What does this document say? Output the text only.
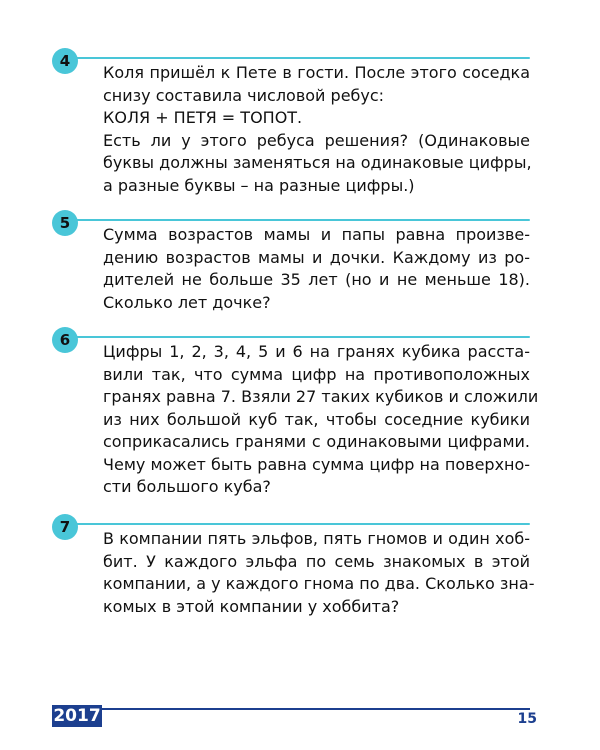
4
Коля пришёл к Пете в гости. После этого соседка
снизу составила числовой ребус:
КОЛЯ + ПЕТЯ = ТОПОТ.
Есть ли у этого ребуса решения? (Одинаковые
буквы должны заменяться на одинаковые цифры,
а разные буквы – на разные цифры.)
5
Сумма возрастов мамы и папы равна произве-
дению возрастов мамы и дочки. Каждому из ро-
дителей не больше 35 лет (но и не меньше 18).
Сколько лет дочке?
6
Цифры 1, 2, 3, 4, 5 и 6 на гранях кубика расста-
вили так, что сумма цифр на противоположных
гранях равна 7. Взяли 27 таких кубиков и сложили
из них большой куб так, чтобы соседние кубики
соприкасались гранями с одинаковыми цифрами.
Чему может быть равна сумма цифр на поверхно-
сти большого куба?
7
В компании пять эльфов, пять гномов и один хоб-
бит. У каждого эльфа по семь знакомых в этой
компании, а у каждого гнома по два. Сколько зна-
комых в этой компании у хоббита?
2017	15
